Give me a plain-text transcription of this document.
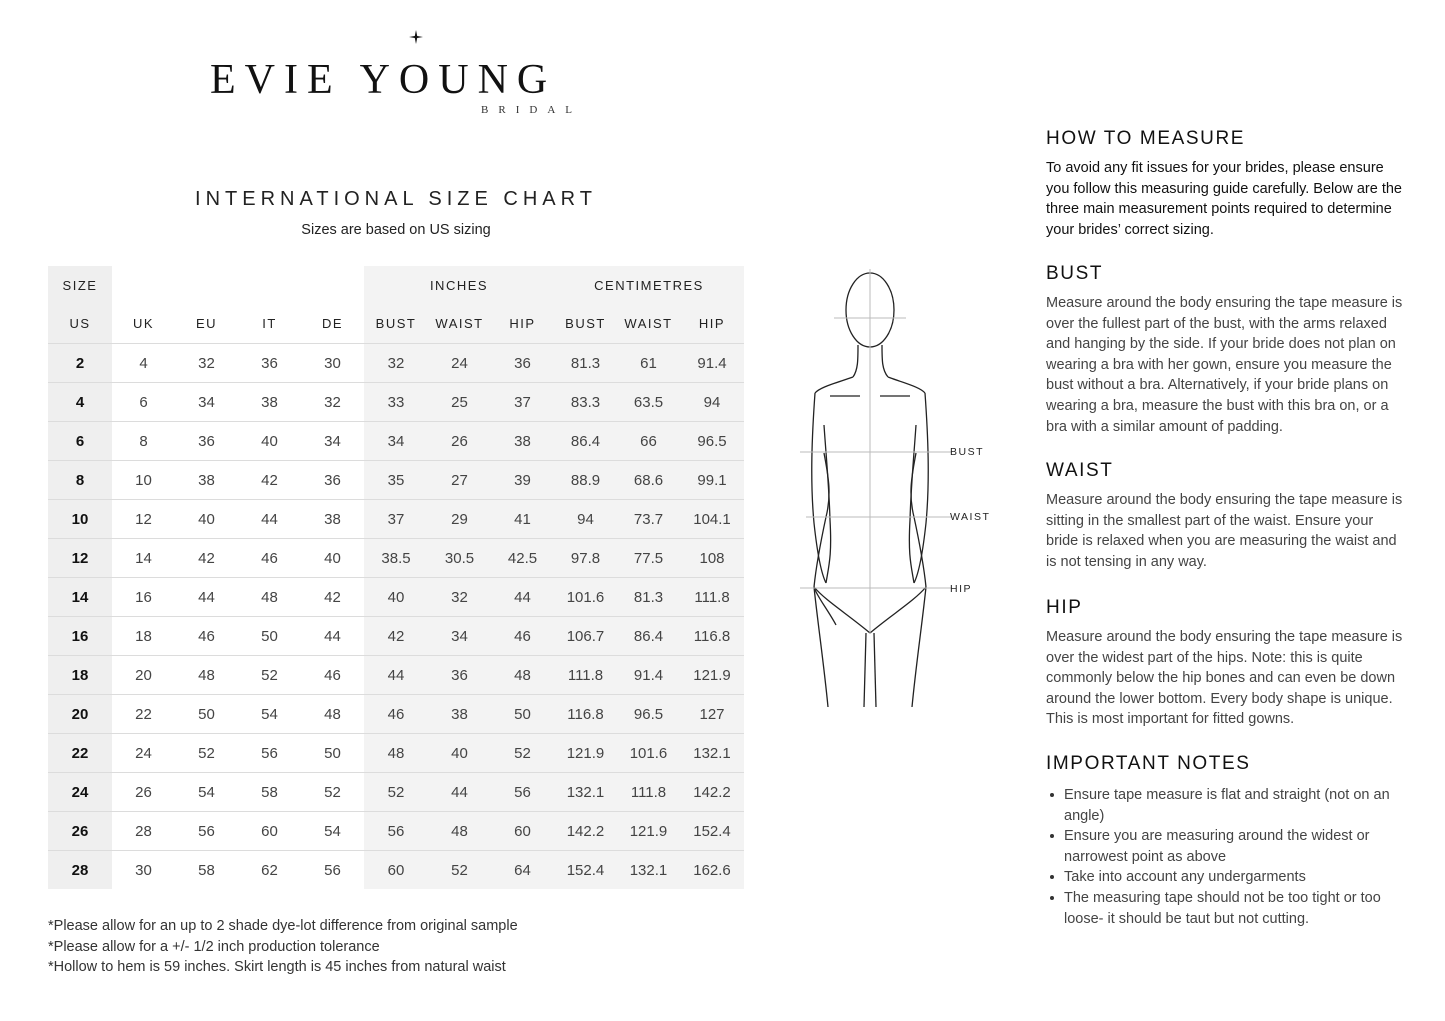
EVIE Y
OUNG
BRIDAL
INTERNATIONAL SIZE CHART
Sizes are based on US sizing
SIZE					INCHES			CENTIMETRES		
US	UK	EU	IT	DE	BUST	WAIST	HIP	BUST	WAIST	HIP
2	4	32	36	30	32	24	36	81.3	61	91.4
4	6	34	38	32	33	25	37	83.3	63.5	94
6	8	36	40	34	34	26	38	86.4	66	96.5
8	10	38	42	36	35	27	39	88.9	68.6	99.1
10	12	40	44	38	37	29	41	94	73.7	104.1
12	14	42	46	40	38.5	30.5	42.5	97.8	77.5	108
14	16	44	48	42	40	32	44	101.6	81.3	111.8
16	18	46	50	44	42	34	46	106.7	86.4	116.8
18	20	48	52	46	44	36	48	111.8	91.4	121.9
20	22	50	54	48	46	38	50	116.8	96.5	127
22	24	52	56	50	48	40	52	121.9	101.6	132.1
24	26	54	58	52	52	44	56	132.1	111.8	142.2
26	28	56	60	54	56	48	60	142.2	121.9	152.4
28	30	58	62	56	60	52	64	152.4	132.1	162.6
*Please allow for an up to 2 shade dye-lot difference from original sample
*Please allow for a +/- 1/2 inch production tolerance
*Hollow to hem is 59 inches. Skirt length is 45 inches from natural waist
BUST
WAIST
HIP
HOW TO MEASURE

To avoid any fit issues for your brides, please ensure you follow this measuring guide carefully. Below are the three main measurement points required to determine your brides’ correct sizing.

BUST

Measure around the body ensuring the tape measure is over the fullest part of the bust, with the arms relaxed and hanging by the side. If your bride does not plan on wearing a bra with her gown, ensure you measure the bust without a bra. Alternatively, if your bride plans on wearing a bra, measure the bust with this bra on, or a bra with a similar amount of padding.

WAIST

Measure around the body ensuring the tape measure is sitting in the smallest part of the waist. Ensure your bride is relaxed when you are measuring the waist and is not tensing in any way.

HIP

Measure around the body ensuring the tape measure is over the widest part of the hips. Note: this is quite commonly below the hip bones and can even be down around the lower bottom. Every body shape is unique. This is most important for fitted gowns.

IMPORTANT NOTES
Ensure tape measure is flat and straight (not on an angle)
Ensure you are measuring around the widest or narrowest point as above
Take into account any undergarments
The measuring tape should not be too tight or too loose- it should be taut but not cutting.
